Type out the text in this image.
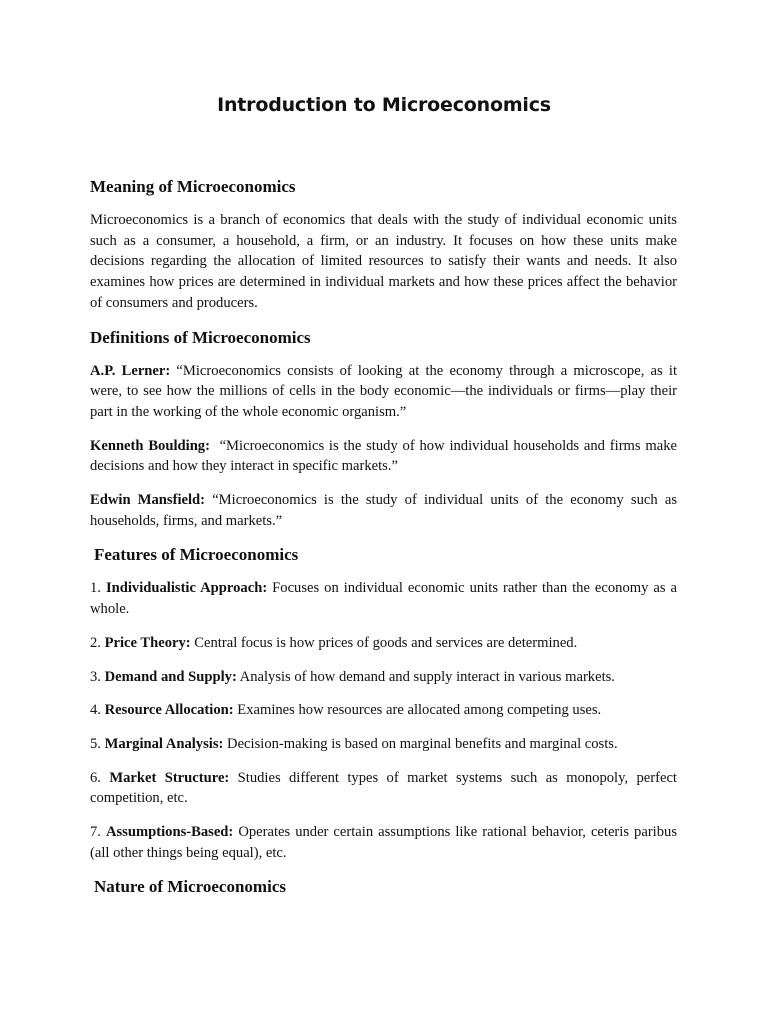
Introduction to Microeconomics
Meaning of Microeconomics

Microeconomics is a branch of economics that deals with the study of individual economic units such as a consumer, a household, a firm, or an industry. It focuses on how these units make decisions regarding the allocation of limited resources to satisfy their wants and needs. It also examines how prices are determined in individual markets and how these prices affect the behavior of consumers and producers.

Definitions of Microeconomics

A.P. Lerner: “Microeconomics consists of looking at the economy through a microscope, as it were, to see how the millions of cells in the body economic—the individuals or firms—play their part in the working of the whole economic organism.”

Kenneth Boulding:  “Microeconomics is the study of how individual households and firms make decisions and how they interact in specific markets.”

Edwin Mansfield: “Microeconomics is the study of individual units of the economy such as households, firms, and markets.”

Features of Microeconomics

1. Individualistic Approach: Focuses on individual economic units rather than the economy as a whole.

2. Price Theory: Central focus is how prices of goods and services are determined.

3. Demand and Supply: Analysis of how demand and supply interact in various markets.

4. Resource Allocation: Examines how resources are allocated among competing uses.

5. Marginal Analysis: Decision-making is based on marginal benefits and marginal costs.

6. Market Structure: Studies different types of market systems such as monopoly, perfect competition, etc.

7. Assumptions-Based: Operates under certain assumptions like rational behavior, ceteris paribus (all other things being equal), etc.

Nature of Microeconomics
